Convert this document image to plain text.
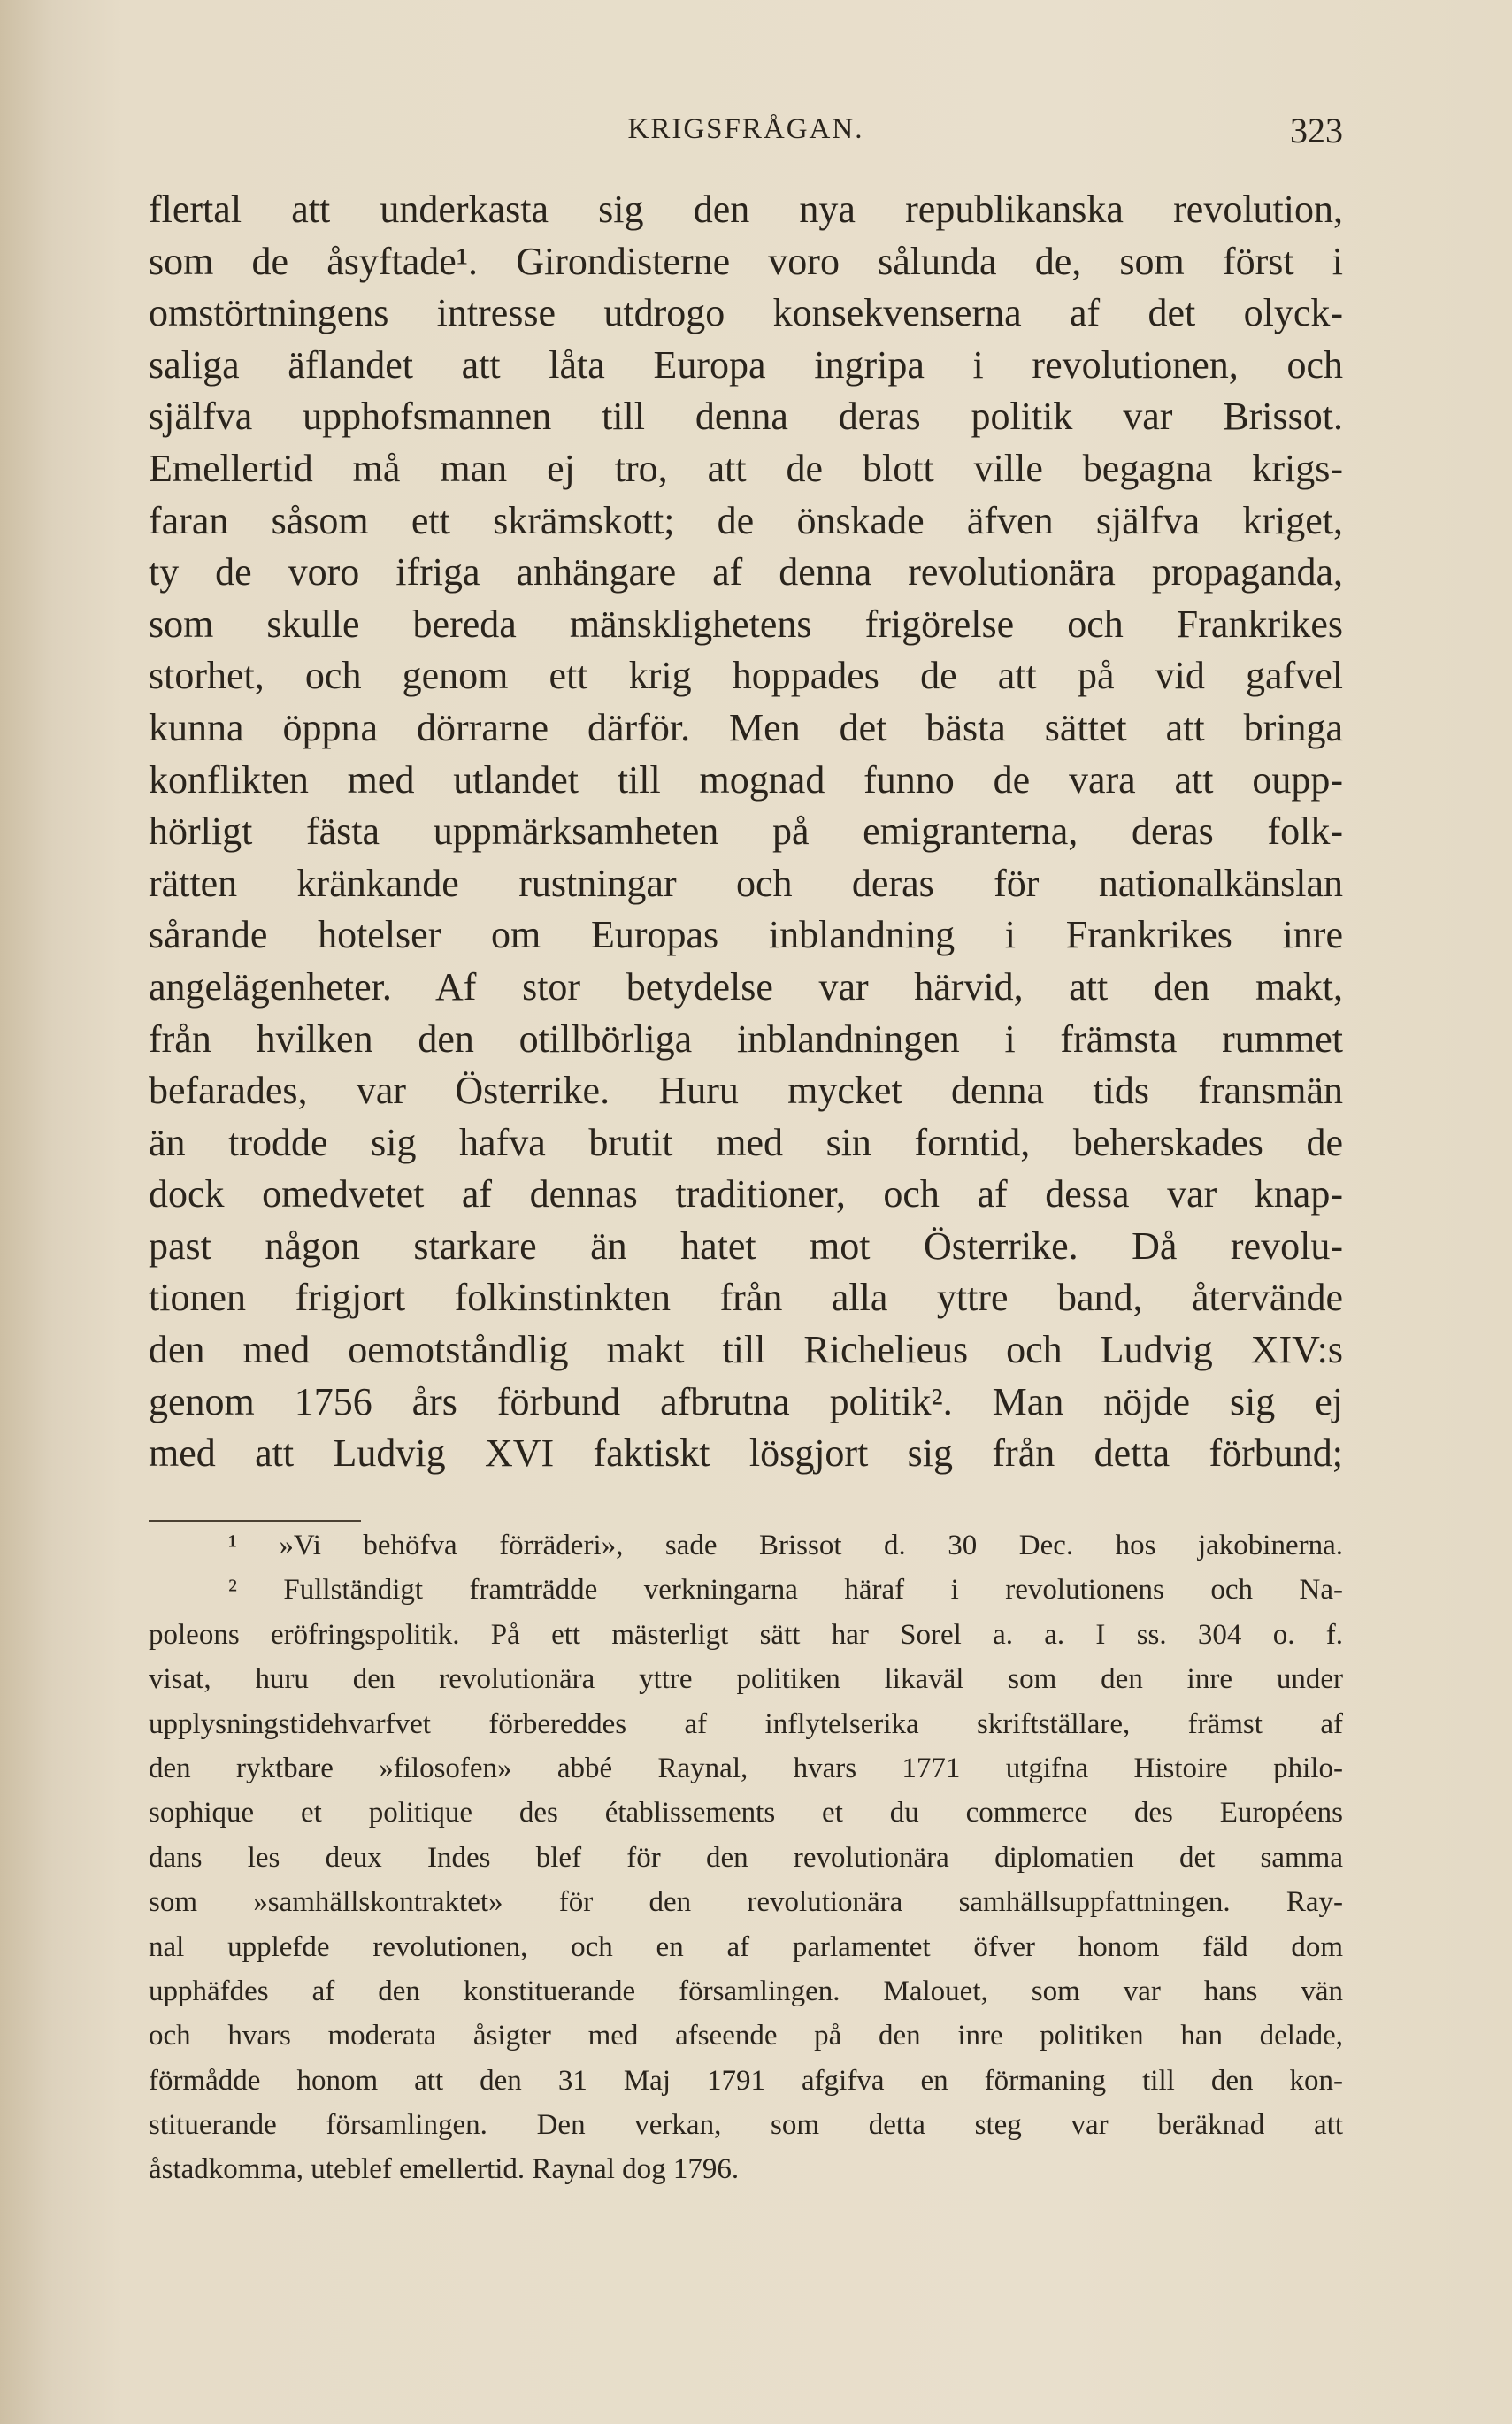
KRIGSFRÅGAN.	323
flertal att underkasta sig den nya republikanska revolution,
som de åsyftade¹. Girondisterne voro sålunda de, som först i
omstörtningens intresse utdrogo konsekvenserna af det olyck-
saliga äflandet att låta Europa ingripa i revolutionen, och
själfva upphofsmannen till denna deras politik var Brissot.
Emellertid må man ej tro, att de blott ville begagna krigs-
faran såsom ett skrämskott; de önskade äfven själfva kriget,
ty de voro ifriga anhängare af denna revolutionära propaganda,
som skulle bereda mänsklighetens frigörelse och Frankrikes
storhet, och genom ett krig hoppades de att på vid gafvel
kunna öppna dörrarne därför. Men det bästa sättet att bringa
konflikten med utlandet till mognad funno de vara att oupp-
hörligt fästa uppmärksamheten på emigranterna, deras folk-
rätten kränkande rustningar och deras för nationalkänslan
sårande hotelser om Europas inblandning i Frankrikes inre
angelägenheter. Af stor betydelse var härvid, att den makt,
från hvilken den otillbörliga inblandningen i främsta rummet
befarades, var Österrike. Huru mycket denna tids fransmän
än trodde sig hafva brutit med sin forntid, beherskades de
dock omedvetet af dennas traditioner, och af dessa var knap-
past någon starkare än hatet mot Österrike. Då revolu-
tionen frigjort folkinstinkten från alla yttre band, återvände
den med oemotståndlig makt till Richelieus och Ludvig XIV:s
genom 1756 års förbund afbrutna politik². Man nöjde sig ej
med att Ludvig XVI faktiskt lösgjort sig från detta förbund;
¹ »Vi behöfva förräderi», sade Brissot d. 30 Dec. hos jakobinerna.
² Fullständigt framträdde verkningarna häraf i revolutionens och Na-
poleons eröfringspolitik. På ett mästerligt sätt har Sorel a. a. I ss. 304 o. f.
visat, huru den revolutionära yttre politiken likaväl som den inre under
upplysningstidehvarfvet förbereddes af inflytelserika skriftställare, främst af
den ryktbare »filosofen» abbé Raynal, hvars 1771 utgifna Histoire philo-
sophique et politique des établissements et du commerce des Européens
dans les deux Indes blef för den revolutionära diplomatien det samma
som »samhällskontraktet» för den revolutionära samhällsuppfattningen. Ray-
nal upplefde revolutionen, och en af parlamentet öfver honom fäld dom
upphäfdes af den konstituerande församlingen. Malouet, som var hans vän
och hvars moderata åsigter med afseende på den inre politiken han delade,
förmådde honom att den 31 Maj 1791 afgifva en förmaning till den kon-
stituerande församlingen. Den verkan, som detta steg var beräknad att
åstadkomma, uteblef emellertid. Raynal dog 1796.
